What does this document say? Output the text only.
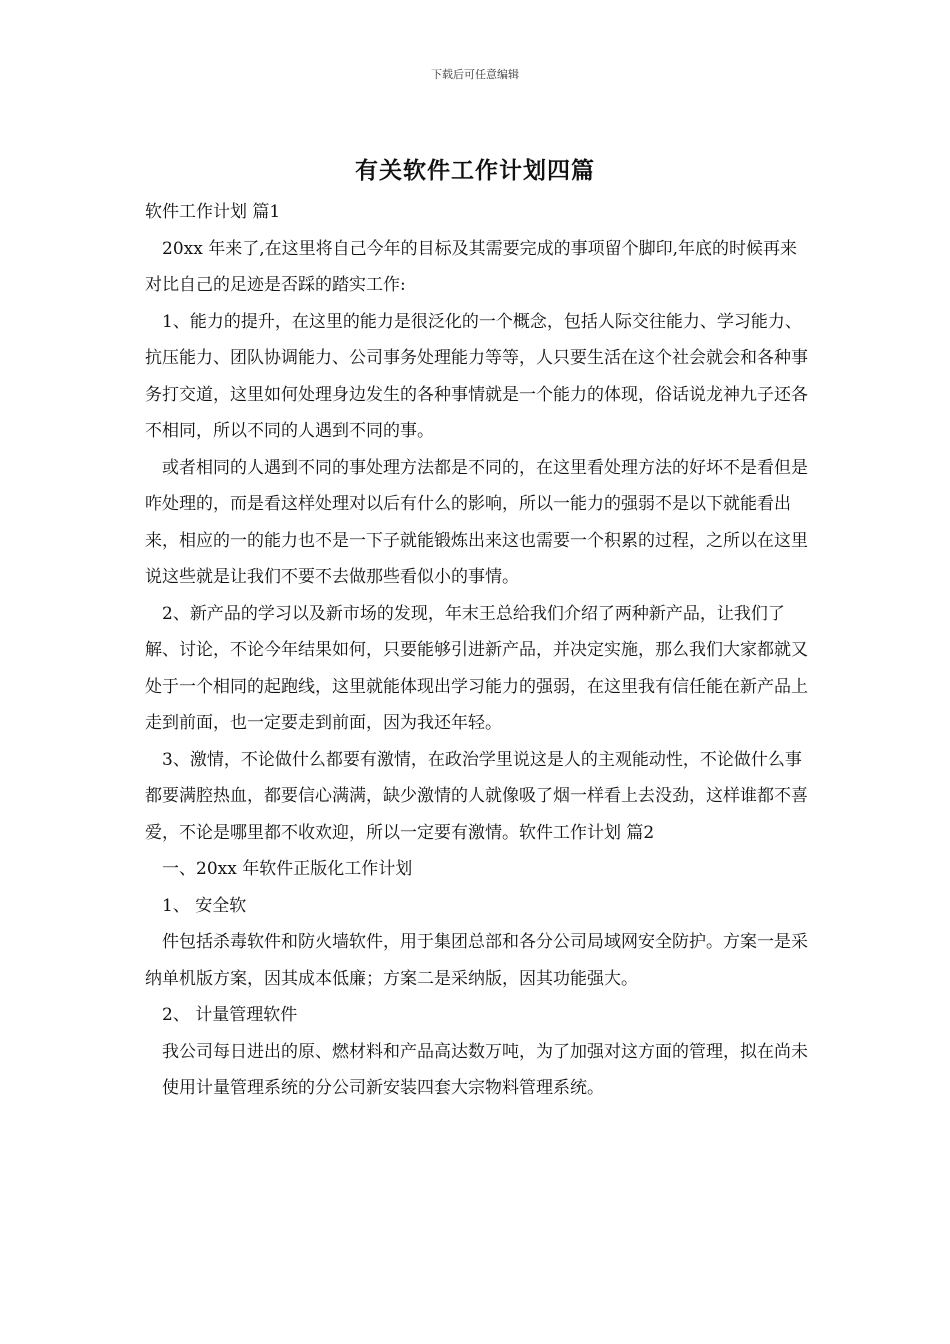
下载后可任意编辑
有关软件工作计划四篇

软件工作计划 篇1

20xx 年来了,在这里将自己今年的目标及其需要完成的事项留个脚印,年底的时候再来对比自己的足迹是否踩的踏实工作:

1、能力的提升，在这里的能力是很泛化的一个概念，包括人际交往能力、学习能力、抗压能力、团队协调能力、公司事务处理能力等等，人只要生活在这个社会就会和各种事务打交道，这里如何处理身边发生的各种事情就是一个能力的体现，俗话说龙神九子还各不相同，所以不同的人遇到不同的事。

或者相同的人遇到不同的事处理方法都是不同的，在这里看处理方法的好坏不是看但是咋处理的，而是看这样处理对以后有什么的影响，所以一能力的强弱不是以下就能看出来，相应的一的能力也不是一下子就能锻炼出来这也需要一个积累的过程，之所以在这里说这些就是让我们不要不去做那些看似小的事情。

2、新产品的学习以及新市场的发现，年末王总给我们介绍了两种新产品，让我们了解、讨论，不论今年结果如何，只要能够引进新产品，并决定实施，那么我们大家都就又处于一个相同的起跑线，这里就能体现出学习能力的强弱，在这里我有信任能在新产品上走到前面，也一定要走到前面，因为我还年轻。

3、激情，不论做什么都要有激情，在政治学里说这是人的主观能动性，不论做什么事 都要满腔热血，都要信心满满，缺少激情的人就像吸了烟一样看上去没劲，这样谁都不喜爱，不论是哪里都不收欢迎，所以一定要有激情。软件工作计划 篇2

一、20xx 年软件正版化工作计划

1、 安全软

件包括杀毒软件和防火墙软件，用于集团总部和各分公司局域网安全防护。方案一是采纳单机版方案，因其成本低廉；方案二是采纳版，因其功能强大。

2、 计量管理软件

我公司每日进出的原、燃材料和产品高达数万吨，为了加强对这方面的管理，拟在尚未

使用计量管理系统的分公司新安装四套大宗物料管理系统。
